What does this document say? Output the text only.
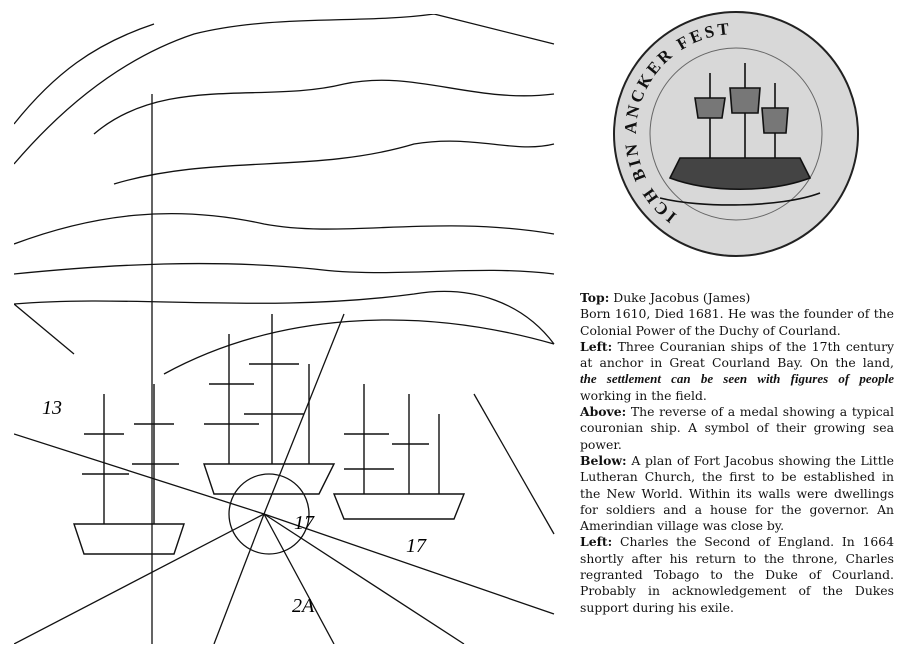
13
17
17
2A
ICH BIN ANCKER FEST
Top: Duke Jacobus (James)
Born 1610, Died 1681. He was the founder of the
Colonial Power of the Duchy of Courland.
Left: Three Couranian ships of the 17th century
at anchor in Great Courland Bay. On the land,
the settlement can be seen with figures of people
working in the field.
Above: The reverse of a medal showing a typical
couronian ship. A symbol of their growing sea
power.
Below: A plan of Fort Jacobus showing the Little
Lutheran Church, the first to be established in
the New World. Within its walls were dwellings
for soldiers and a house for the governor. An
Amerindian village was close by.
Left: Charles the Second of England. In 1664
shortly after his return to the throne, Charles
regranted Tobago to the Duke of Courland.
Probably in acknowledgement of the Dukes
support during his exile.
